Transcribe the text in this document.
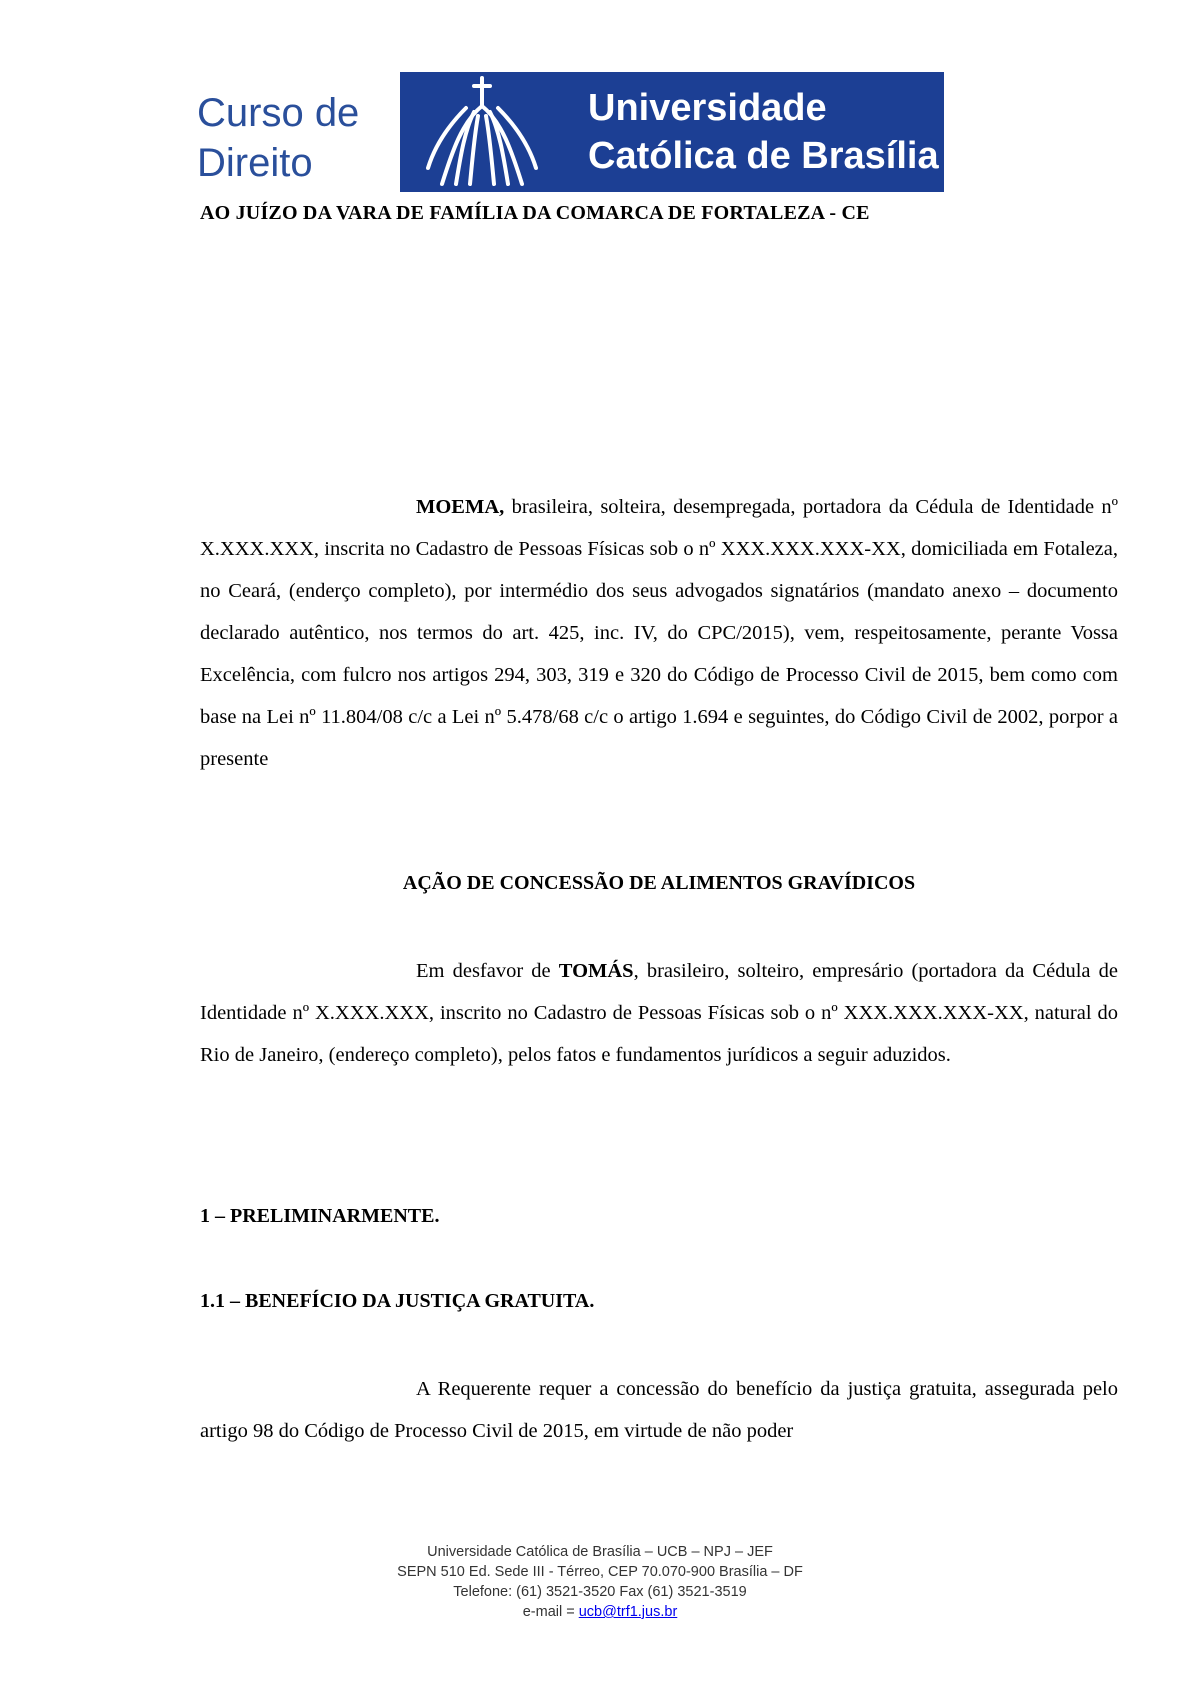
Curso de
Direito
Universidade
Católica de Brasília
AO JUÍZO DA VARA DE FAMÍLIA DA COMARCA DE FORTALEZA - CE
MOEMA, brasileira, solteira, desempregada, portadora da Cédula de Identidade nº X.XXX.XXX, inscrita no Cadastro de Pessoas Físicas sob o nº XXX.XXX.XXX-XX, domiciliada em Fotaleza, no Ceará, (enderço completo), por intermédio dos seus advogados signatários (mandato anexo – documento declarado autêntico, nos termos do art. 425, inc. IV, do CPC/2015), vem, respeitosamente, perante Vossa Excelência, com fulcro nos artigos 294, 303, 319 e 320 do Código de Processo Civil de 2015, bem como com base na Lei nº 11.804/08 c/c a Lei nº 5.478/68 c/c o artigo 1.694 e seguintes, do Código Civil de 2002, porpor a presente
AÇÃO DE CONCESSÃO DE ALIMENTOS GRAVÍDICOS
Em desfavor de TOMÁS, brasileiro, solteiro, empresário (portadora da Cédula de Identidade nº X.XXX.XXX, inscrito no Cadastro de Pessoas Físicas sob o nº XXX.XXX.XXX-XX, natural do Rio de Janeiro, (endereço completo), pelos fatos e fundamentos jurídicos a seguir aduzidos.
1 – PRELIMINARMENTE.
1.1 – BENEFÍCIO DA JUSTIÇA GRATUITA.
A Requerente requer a concessão do benefício da justiça gratuita, assegurada pelo artigo 98 do Código de Processo Civil de 2015, em virtude de não poder
Universidade Católica de Brasília – UCB – NPJ – JEF
SEPN 510 Ed. Sede III - Térreo, CEP 70.070-900 Brasília – DF
Telefone: (61) 3521-3520 Fax (61) 3521-3519
e-mail = ucb@trf1.jus.br
